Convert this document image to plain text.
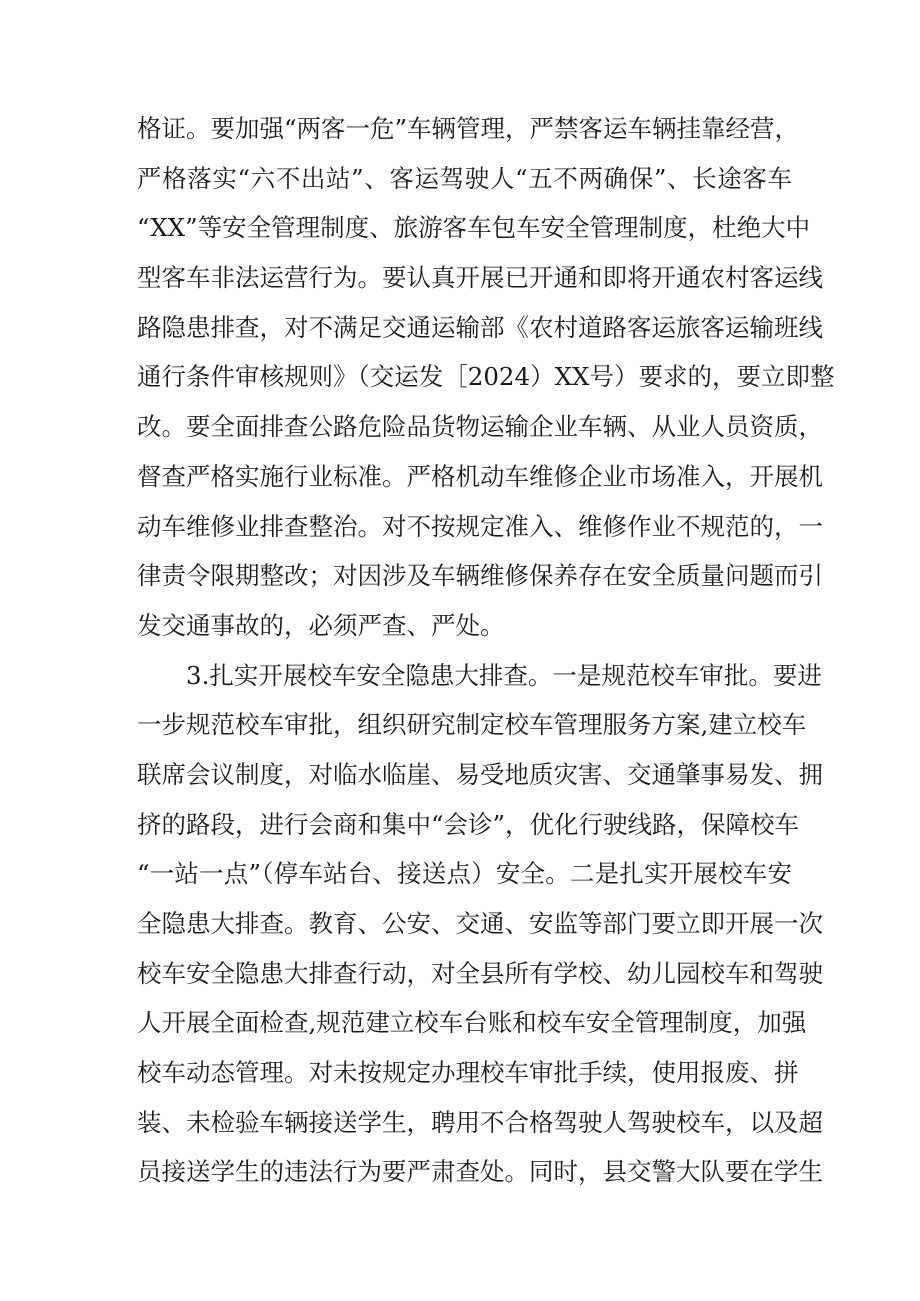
格证。要加强“两客一危”车辆管理，严禁客运车辆挂靠经营，
严格落实“六不出站”、客运驾驶人“五不两确保”、长途客车
“XX”等安全管理制度、旅游客车包车安全管理制度，杜绝大中
型客车非法运营行为。要认真开展已开通和即将开通农村客运线
路隐患排查，对不满足交通运输部《农村道路客运旅客运输班线
通行条件审核规则》（交运发［2024）XX号）要求的，要立即整
改。要全面排查公路危险品货物运输企业车辆、从业人员资质，
督查严格实施行业标准。严格机动车维修企业市场准入，开展机
动车维修业排查整治。对不按规定准入、维修作业不规范的，一
律责令限期整改；对因涉及车辆维修保养存在安全质量问题而引
发交通事故的，必须严查、严处。
3.扎实开展校车安全隐患大排查。一是规范校车审批。要进
一步规范校车审批，组织研究制定校车管理服务方案,建立校车
联席会议制度，对临水临崖、易受地质灾害、交通肇事易发、拥
挤的路段，进行会商和集中“会诊”，优化行驶线路，保障校车
“一站一点”（停车站台、接送点）安全。二是扎实开展校车安
全隐患大排查。教育、公安、交通、安监等部门要立即开展一次
校车安全隐患大排查行动，对全县所有学校、幼儿园校车和驾驶
人开展全面检查,规范建立校车台账和校车安全管理制度，加强
校车动态管理。对未按规定办理校车审批手续，使用报废、拼
装、未检验车辆接送学生，聘用不合格驾驶人驾驶校车，以及超
员接送学生的违法行为要严肃查处。同时，县交警大队要在学生
